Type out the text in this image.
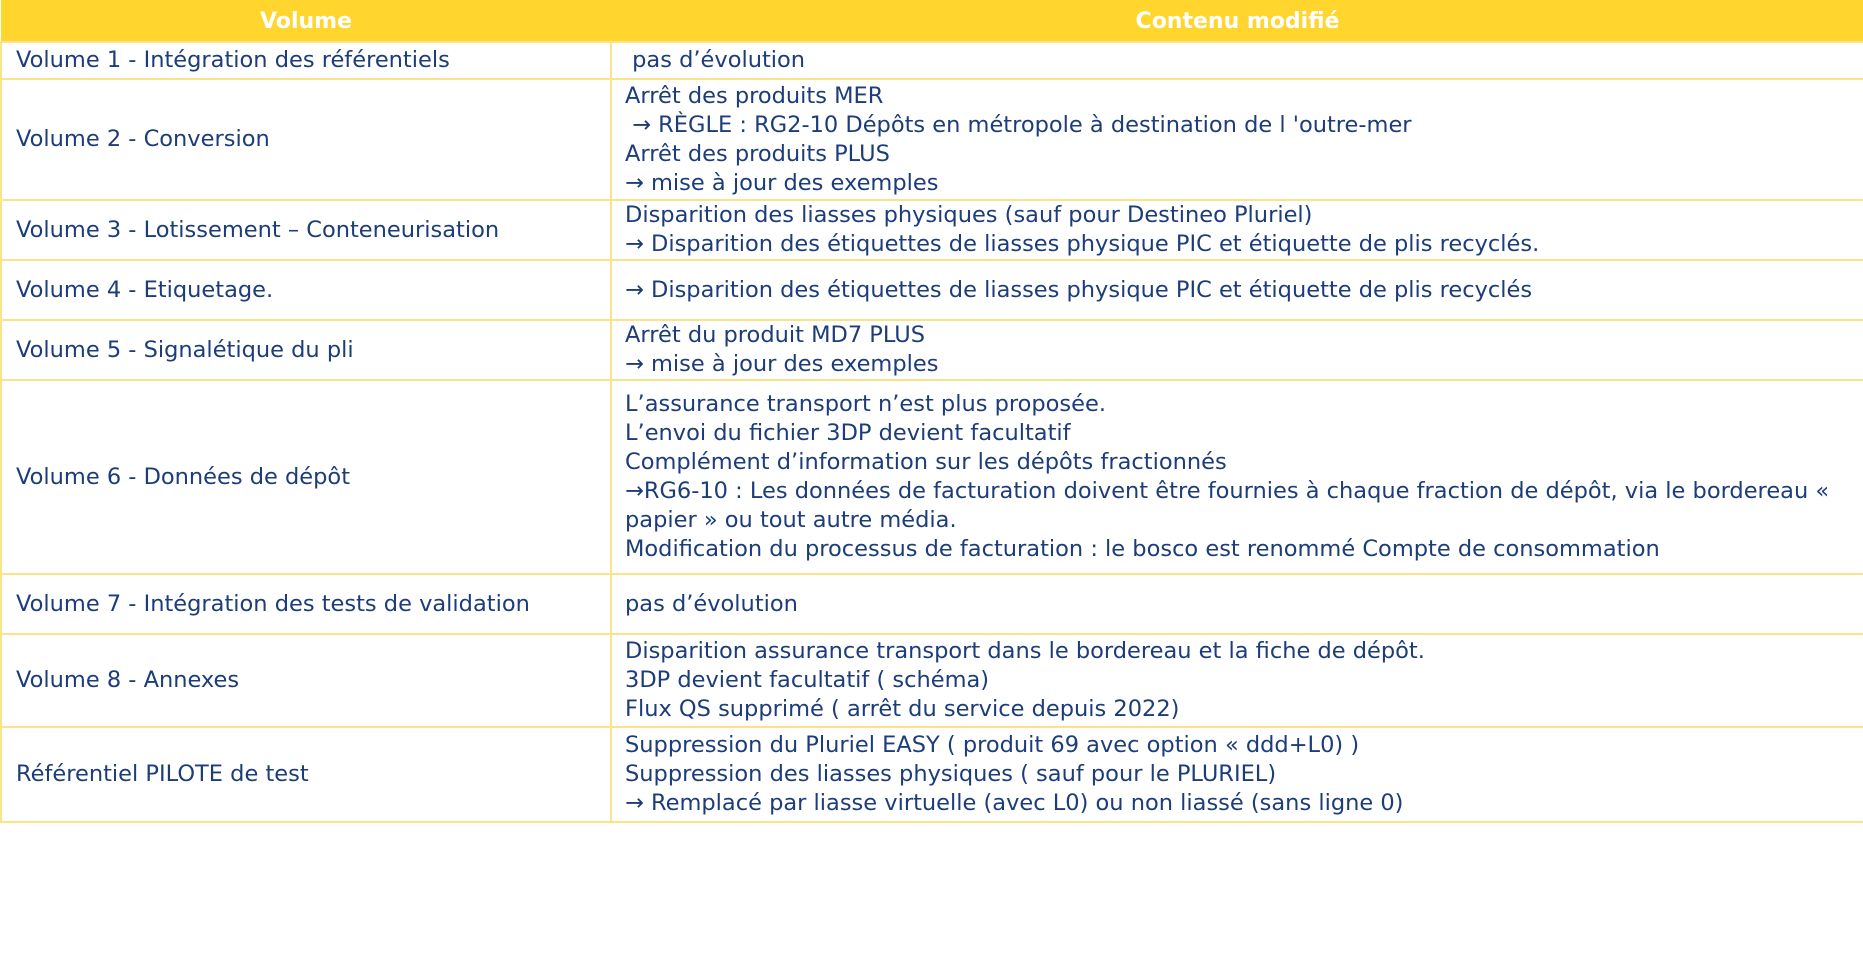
Volume	Contenu modifié
Volume 1 - Intégration des référentiels	pas d’évolution

Volume 2 - Conversion	Arrêt des produits MER
→ RÈGLE : RG2-10 Dépôts en métropole à destination de l 'outre-mer
Arrêt des produits PLUS
→ mise à jour des exemples

Volume 3 - Lotissement – Conteneurisation	Disparition des liasses physiques (sauf pour Destineo Pluriel)
→ Disparition des étiquettes de liasses physique PIC et étiquette de plis recyclés.

Volume 4 - Etiquetage.	→ Disparition des étiquettes de liasses physique PIC et étiquette de plis recyclés

Volume 5 - Signalétique du pli	Arrêt du produit MD7 PLUS
→ mise à jour des exemples

Volume 6 - Données de dépôt	L’assurance transport n’est plus proposée.
L’envoi du fichier 3DP devient facultatif
Complément d’information sur les dépôts fractionnés
→RG6-10 : Les données de facturation doivent être fournies à chaque fraction de dépôt, via le bordereau « papier » ou tout autre média.
Modification du processus de facturation : le bosco est renommé Compte de consommation

Volume 7 - Intégration des tests de validation	pas d’évolution

Volume 8 - Annexes	Disparition assurance transport dans le bordereau et la fiche de dépôt.
3DP devient facultatif ( schéma)
Flux QS supprimé ( arrêt du service depuis 2022)

Référentiel PILOTE de test	Suppression du Pluriel EASY ( produit 69 avec option « ddd+L0) )
Suppression des liasses physiques ( sauf pour le PLURIEL)
→ Remplacé par liasse virtuelle (avec L0) ou non liassé (sans ligne 0)
